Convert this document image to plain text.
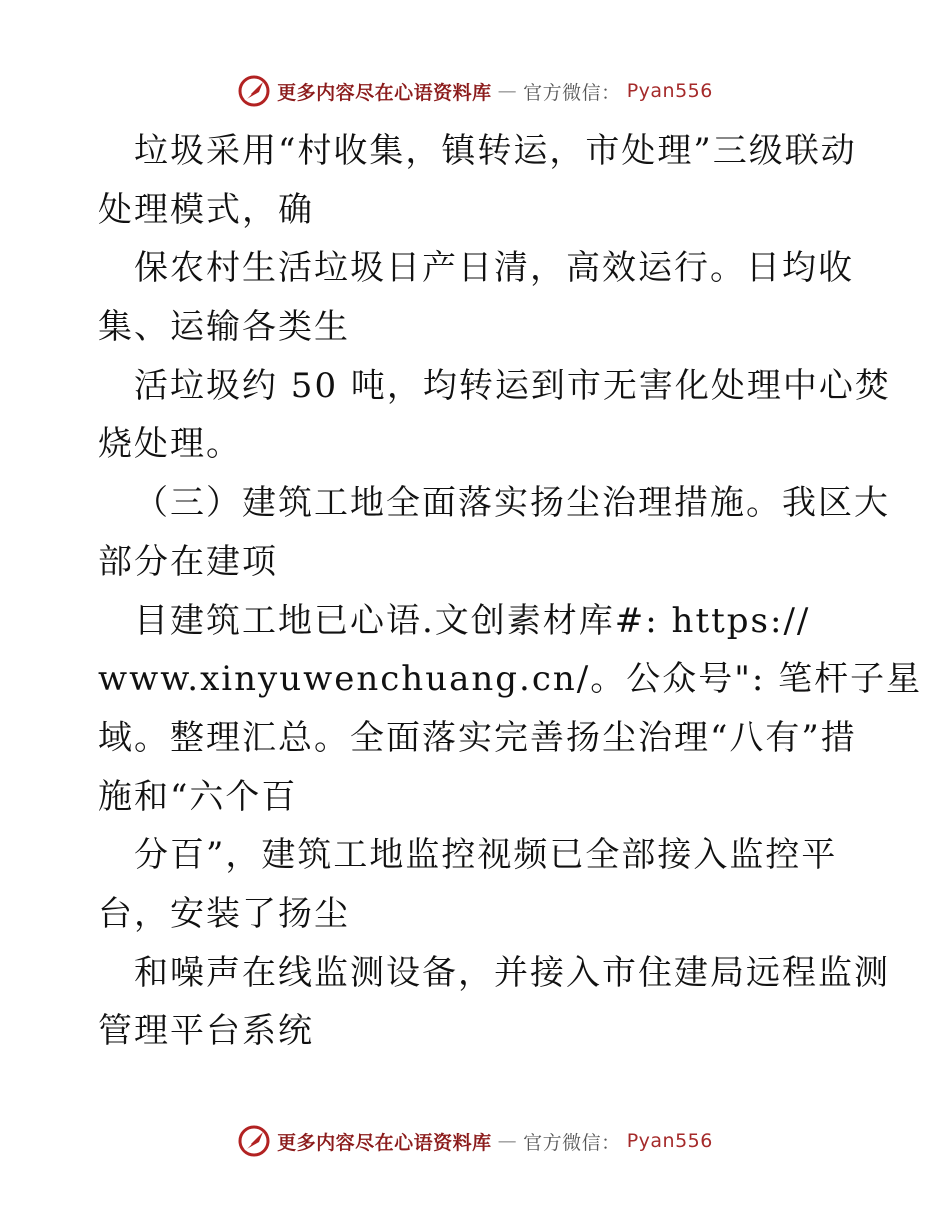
更多内容尽在心语资料库 — 官方微信： Pyan556
垃圾采用“村收集，镇转运，市处理”三级联动
处理模式，确
保农村生活垃圾日产日清，高效运行。日均收
集、运输各类生
活垃圾约 50 吨，均转运到市无害化处理中心焚
烧处理。
（三）建筑工地全面落实扬尘治理措施。我区大
部分在建项
目建筑工地已心语.文创素材库#: https://
www.xinyuwenchuang.cn/。公众号": 笔杆子星
域。整理汇总。全面落实完善扬尘治理“八有”措
施和“六个百
分百”，建筑工地监控视频已全部接入监控平
台，安装了扬尘
和噪声在线监测设备，并接入市住建局远程监测
管理平台系统
更多内容尽在心语资料库 — 官方微信： Pyan556
